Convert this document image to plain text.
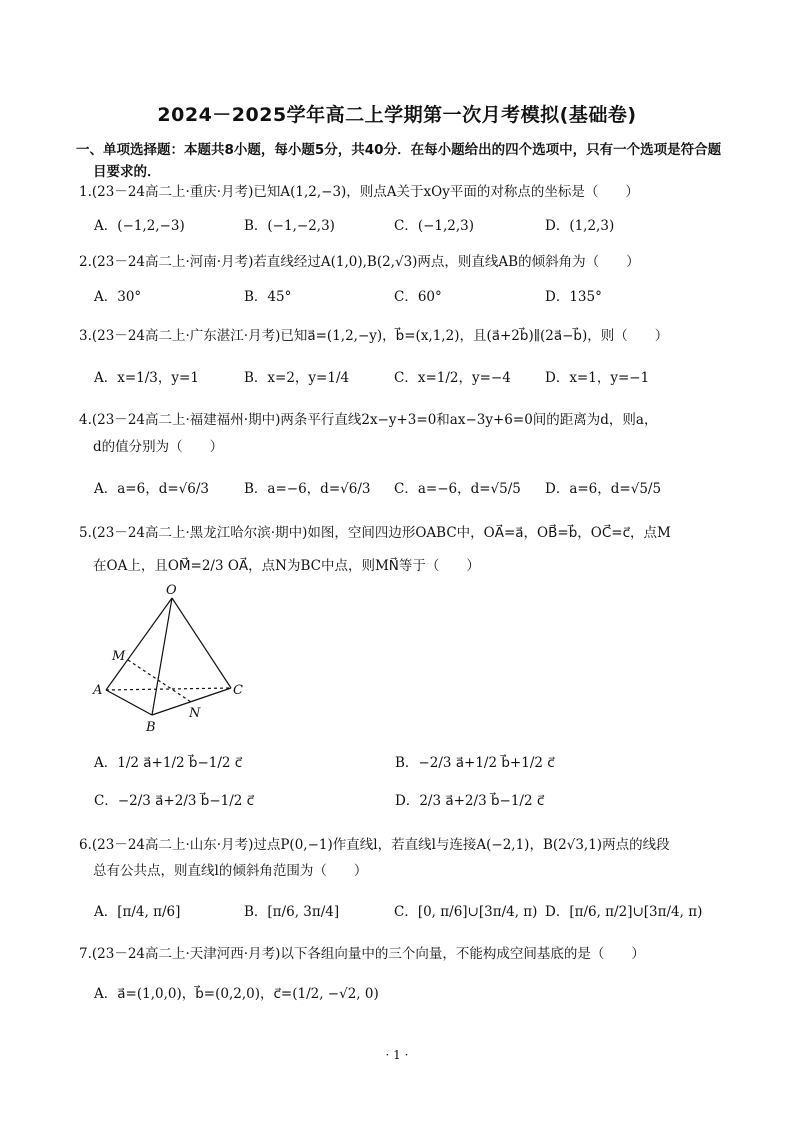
2024－2025学年高二上学期第一次月考模拟(基础卷)
一、单项选择题：本题共8小题，每小题5分，共40分．在每小题给出的四个选项中，只有一个选项是符合题
目要求的．
1.(23－24高二上·重庆·月考)已知A(1,2,−3)，则点A关于xOy平面的对称点的坐标是（　　）
A．(−1,2,−3)	B．(−1,−2,3)	C．(−1,2,3)	D．(1,2,3)
2.(23－24高二上·河南·月考)若直线经过A(1,0),B(2,√3)两点，则直线AB的倾斜角为（　　）
A．30°	B．45°	C．60°	D．135°
3.(23－24高二上·广东湛江·月考)已知a⃗=(1,2,−y)，b⃗=(x,1,2)，且(a⃗+2b⃗)∥(2a⃗−b⃗)，则（　　）
A．x=1/3，y=1	B．x=2，y=1/4	C．x=1/2，y=−4	D．x=1，y=−1
4.(23－24高二上·福建福州·期中)两条平行直线2x−y+3=0和ax−3y+6=0间的距离为d，则a，
d的值分别为（　　）
A．a=6，d=√6/3	B．a=−6，d=√6/3 C．a=−6，d=√5/5 D．a=6，d=√5/5
5.(23－24高二上·黑龙江哈尔滨·期中)如图，空间四边形OABC中，OA⃗=a⃗，OB⃗=b⃗，OC⃗=c⃗，点M
在OA上，且OM⃗=2/3 OA⃗，点N为BC中点，则MN⃗等于（　　）
O
M
A	C
B
N
A．1/2 a⃗+1/2 b⃗−1/2 c⃗	B．−2/3 a⃗+1/2 b⃗+1/2 c⃗
C．−2/3 a⃗+2/3 b⃗−1/2 c⃗	D．2/3 a⃗+2/3 b⃗−1/2 c⃗
6.(23－24高二上·山东·月考)过点P(0,−1)作直线l，若直线l与连接A(−2,1)，B(2√3,1)两点的线段
总有公共点，则直线l的倾斜角范围为（　　）
A．[π/4, π/6]	B．[π/6, 3π/4]	C．[0, π/6]∪[3π/4, π) D．[π/6, π/2]∪[3π/4, π)
7.(23－24高二上·天津河西·月考)以下各组向量中的三个向量，不能构成空间基底的是（　　）
A．a⃗=(1,0,0)，b⃗=(0,2,0)，c⃗=(1/2, −√2, 0)
· 1 ·
